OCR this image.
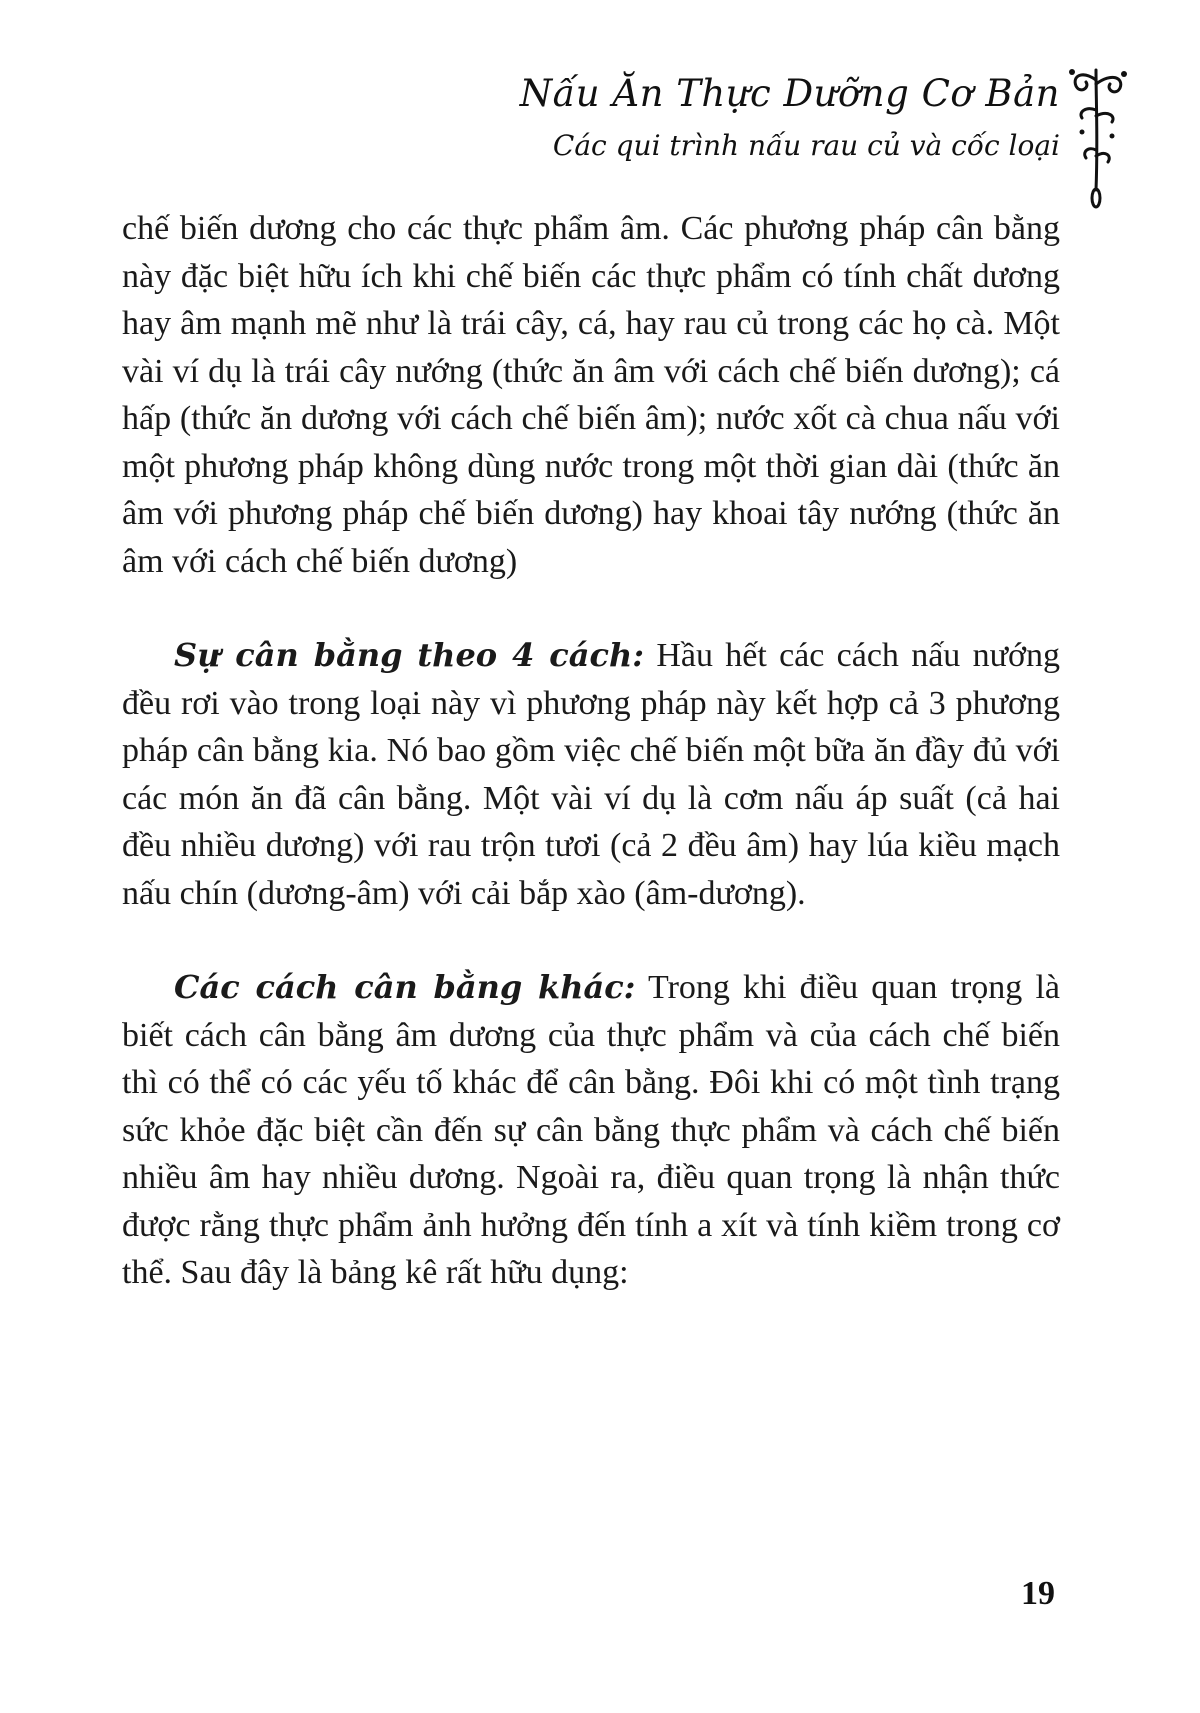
Nấu Ăn Thực Dưỡng Cơ Bản
Các qui trình nấu rau củ và cốc loại

chế biến dương cho các thực phẩm âm. Các phương pháp cân bằng này đặc biệt hữu ích khi chế biến các thực phẩm có tính chất dương hay âm mạnh mẽ như là trái cây, cá, hay rau củ trong các họ cà. Một vài ví dụ là trái cây nướng (thức ăn âm với cách chế biến dương); cá hấp (thức ăn dương với cách chế biến âm); nước xốt cà chua nấu với một phương pháp không dùng nước trong một thời gian dài (thức ăn âm với phương pháp chế biến dương) hay khoai tây nướng (thức ăn âm với cách chế biến dương)

Sự cân bằng theo 4 cách: Hầu hết các cách nấu nướng đều rơi vào trong loại này vì phương pháp này kết hợp cả 3 phương pháp cân bằng kia. Nó bao gồm việc chế biến một bữa ăn đầy đủ với các món ăn đã cân bằng. Một vài ví dụ là cơm nấu áp suất (cả hai đều nhiều dương) với rau trộn tươi (cả 2 đều âm) hay lúa kiều mạch nấu chín (dương-âm) với cải bắp xào (âm-dương).

Các cách cân bằng khác: Trong khi điều quan trọng là biết cách cân bằng âm dương của thực phẩm và của cách chế biến thì có thể có các yếu tố khác để cân bằng. Đôi khi có một tình trạng sức khỏe đặc biệt cần đến sự cân bằng thực phẩm và cách chế biến nhiều âm hay nhiều dương. Ngoài ra, điều quan trọng là nhận thức được rằng thực phẩm ảnh hưởng đến tính a xít và tính kiềm trong cơ thể. Sau đây là bảng kê rất hữu dụng:

19
